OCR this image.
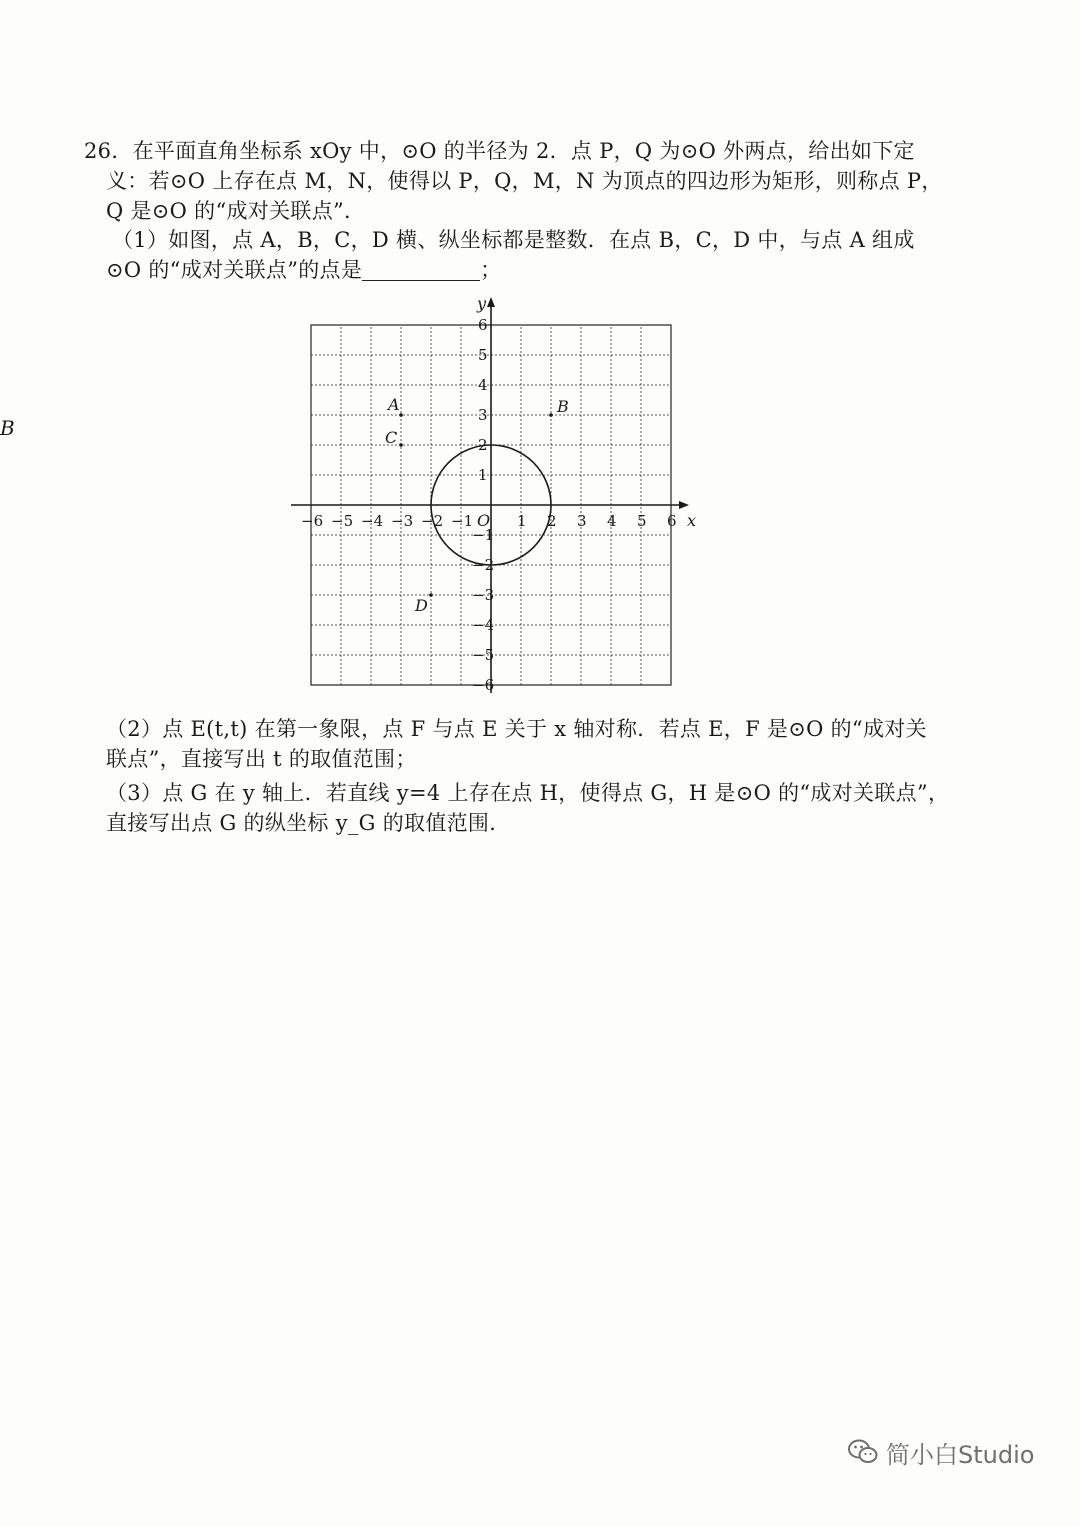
26．在平面直角坐标系 xOy 中，⊙O 的半径为 2．点 P，Q 为⊙O 外两点，给出如下定
义：若⊙O 上存在点 M，N，使得以 P，Q，M，N 为顶点的四边形为矩形，则称点 P，
Q 是⊙O 的“成对关联点”．
（1）如图，点 A，B，C，D 横、纵坐标都是整数．在点 B，C，D 中，与点 A 组成
⊙O 的“成对关联点”的点是	；
B
x
y
O
−6 −5 −4 −3 −2 −1	1 2 3 4 5 6
6
5
4
3
2
1
−1
−2
−3
−4
−5
−6
A	B
C
D
（2）点 E(t,t) 在第一象限，点 F 与点 E 关于 x 轴对称．若点 E，F 是⊙O 的“成对关
联点”，直接写出 t 的取值范围；
（3）点 G 在 y 轴上．若直线 y=4 上存在点 H，使得点 G，H 是⊙O 的“成对关联点”，
直接写出点 G 的纵坐标 y_G 的取值范围．
简小白Studio
